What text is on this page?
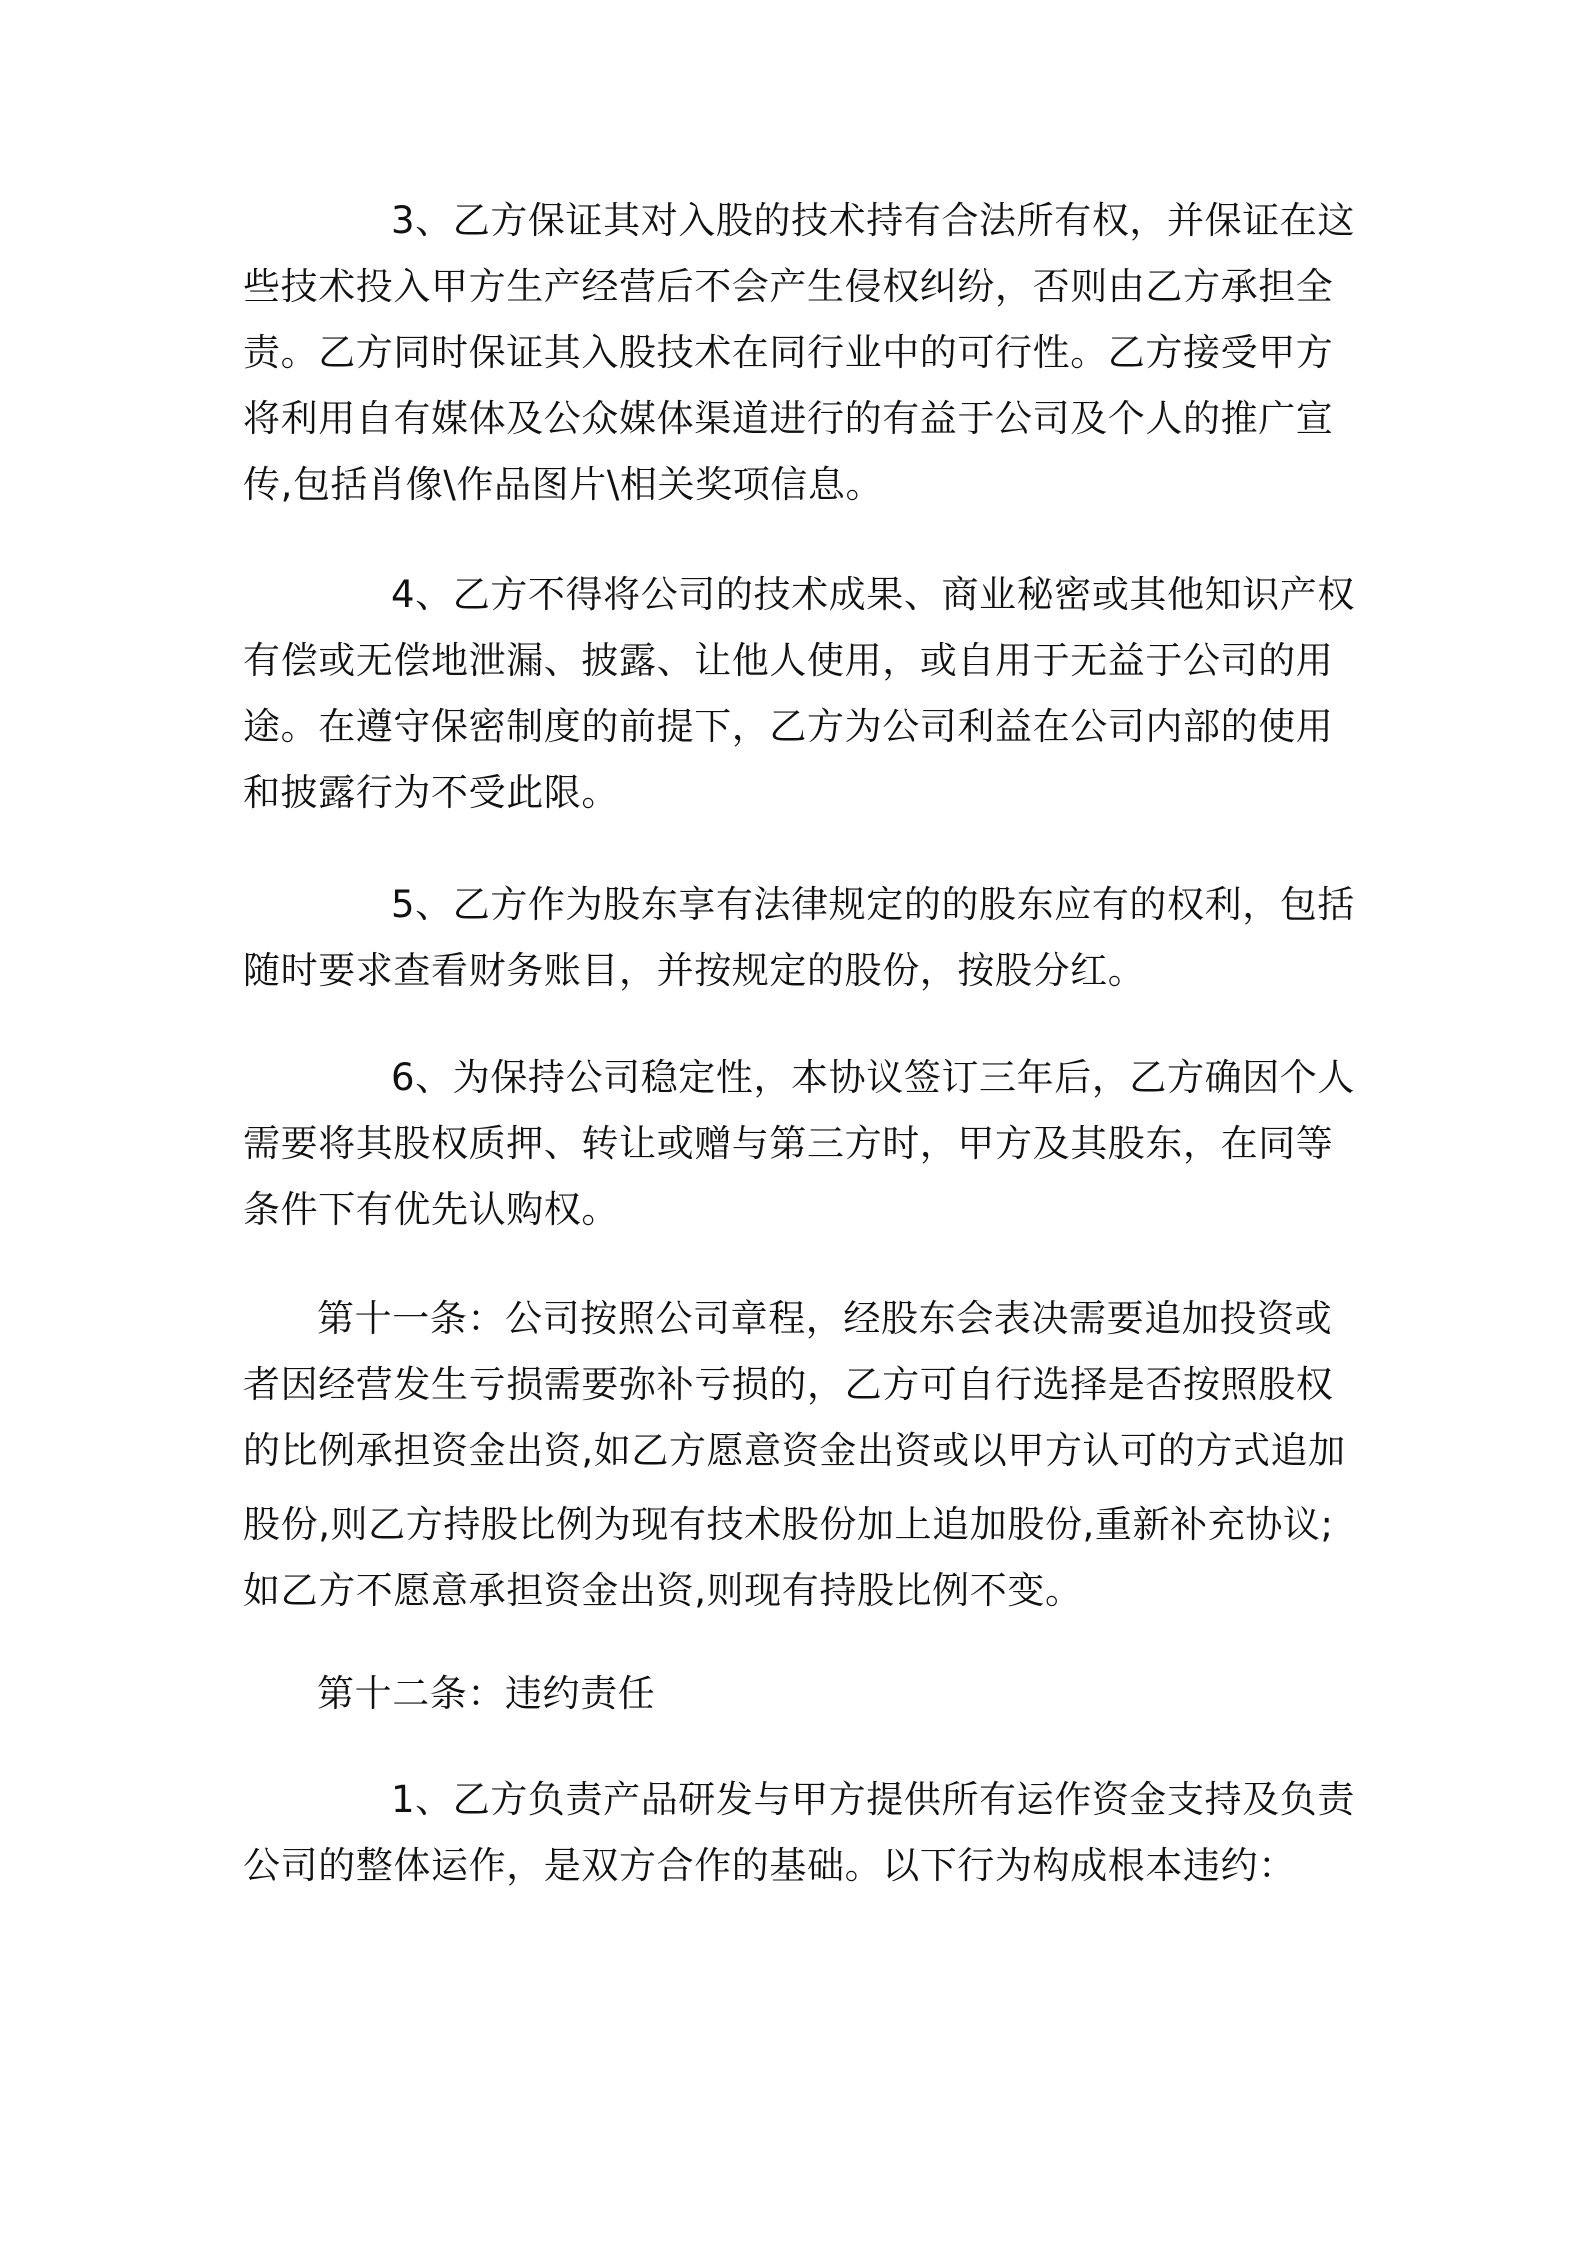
3、乙方保证其对入股的技术持有合法所有权，并保证在这
些技术投入甲方生产经营后不会产生侵权纠纷，否则由乙方承担全
责。乙方同时保证其入股技术在同行业中的可行性。乙方接受甲方
将利用自有媒体及公众媒体渠道进行的有益于公司及个人的推广宣
传,包括肖像\作品图片\相关奖项信息。
4、乙方不得将公司的技术成果、商业秘密或其他知识产权
有偿或无偿地泄漏、披露、让他人使用，或自用于无益于公司的用
途。在遵守保密制度的前提下，乙方为公司利益在公司内部的使用
和披露行为不受此限。
5、乙方作为股东享有法律规定的的股东应有的权利，包括
随时要求查看财务账目，并按规定的股份，按股分红。
6、为保持公司稳定性，本协议签订三年后，乙方确因个人
需要将其股权质押、转让或赠与第三方时，甲方及其股东，在同等
条件下有优先认购权。
第十一条：公司按照公司章程，经股东会表决需要追加投资或
者因经营发生亏损需要弥补亏损的，乙方可自行选择是否按照股权
的比例承担资金出资,如乙方愿意资金出资或以甲方认可的方式追加
股份,则乙方持股比例为现有技术股份加上追加股份,重新补充协议;
如乙方不愿意承担资金出资,则现有持股比例不变。
第十二条：违约责任
1、乙方负责产品研发与甲方提供所有运作资金支持及负责
公司的整体运作，是双方合作的基础。以下行为构成根本违约：
